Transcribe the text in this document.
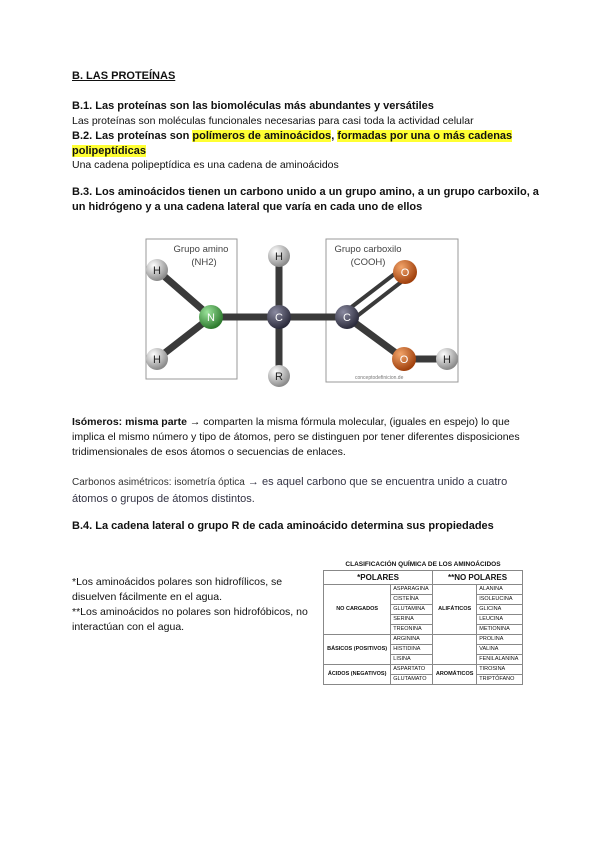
B. LAS PROTEÍNAS
B.1. Las proteínas son las biomoléculas más abundantes y versátiles
Las proteínas son moléculas funcionales necesarias para casi toda la actividad celular
B.2. Las proteínas son polímeros de aminoácidos, formadas por una o más cadenas polipeptídicas
Una cadena polipeptídica es una cadena de aminoácidos
B.3. Los aminoácidos tienen un carbono unido a un grupo amino, a un grupo carboxilo, a un hidrógeno y a una cadena lateral que varía en cada uno de ellos
Grupo amino
(NH2)
Grupo carboxilo
(COOH)
H
H
N
H
C
R
C
O
O	H
conceptodefinicion.de
Isómeros: misma parte → comparten la misma fórmula molecular, (iguales en espejo) lo que implica el mismo número y tipo de átomos, pero se distinguen por tener diferentes disposiciones tridimensionales de esos átomos o secuencias de enlaces.
Carbonos asimétricos: isometría óptica → es aquel carbono que se encuentra unido a cuatro átomos o grupos de átomos distintos.
B.4. La cadena lateral o grupo R de cada aminoácido determina sus propiedades
*Los aminoácidos polares son hidrofílicos, se disuelven fácilmente en el agua.
**Los aminoácidos no polares son hidrofóbicos, no interactúan con el agua.
CLASIFICACIÓN QUÍMICA DE LOS AMINOÁCIDOS
*POLARES		**NO POLARES	
NO CARGADOS	ASPARAGINA	ALIFÁTICOS	ALANINA
	CISTEÍNA		ISOLEUCINA
	GLUTAMINA		GLICINA
	SERINA		LEUCINA
	TREONINA		METIONINA
BÁSICOS (POSITIVOS)	ARGININA		PROLINA
	HISTIDINA		VALINA
	LISINA		FENILALANINA
ÁCIDOS (NEGATIVOS)	ASPARTATO	AROMÁTICOS	TIROSINA
	GLUTAMATO		TRIPTÓFANO
